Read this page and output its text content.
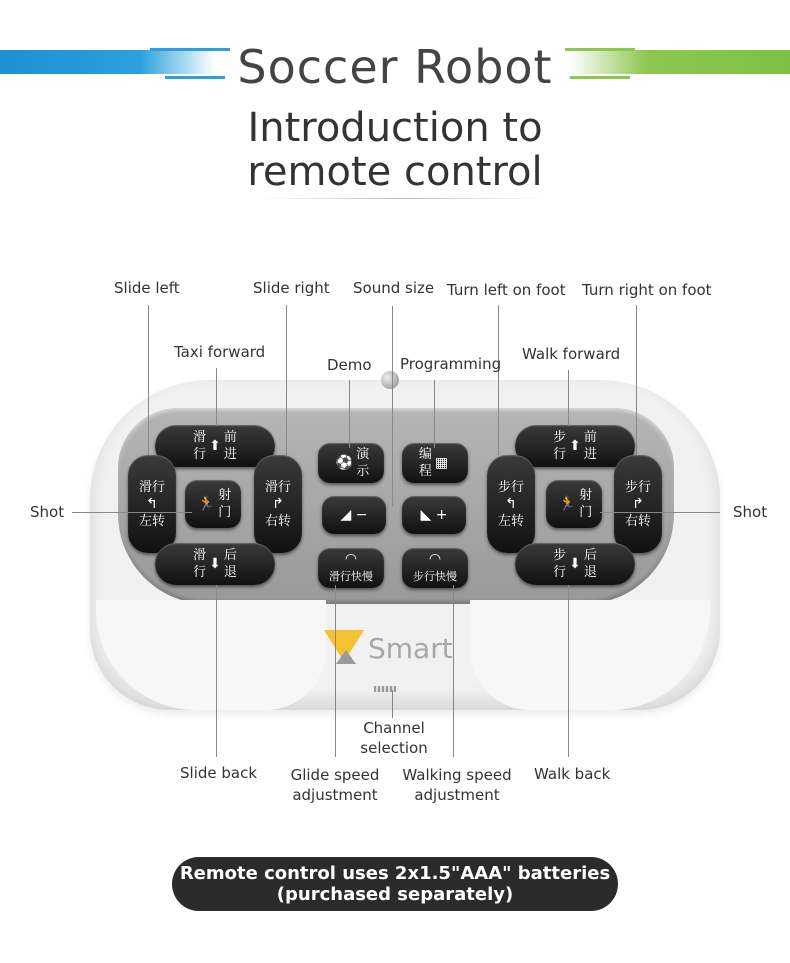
Soccer Robot
Introduction to
remote control
滑
行
⬆ 前
进
滑行
↰
左转
🏃 射
门
滑行
↱
右转
滑
行
⬇ 后
退
⚽ 演
示
编
程
▦
◢ −	◣ +
◠
滑行快慢
◠
步行快慢
步
行
⬆ 前
进
步行
↰
左转
🏃 射
门
步行
↱
右转
步
行
⬇ 后
退
Smart
Slide left	Slide right Sound size Turn left on foot Turn right on foot
Taxi forward
Demo Programming
Walk forward
Shot	Shot
Channel
selection
Slide back	Glide speed
adjustment
Walking speed
adjustment
Walk back
Remote control uses 2x1.5"AAA" batteries
(purchased separately)
